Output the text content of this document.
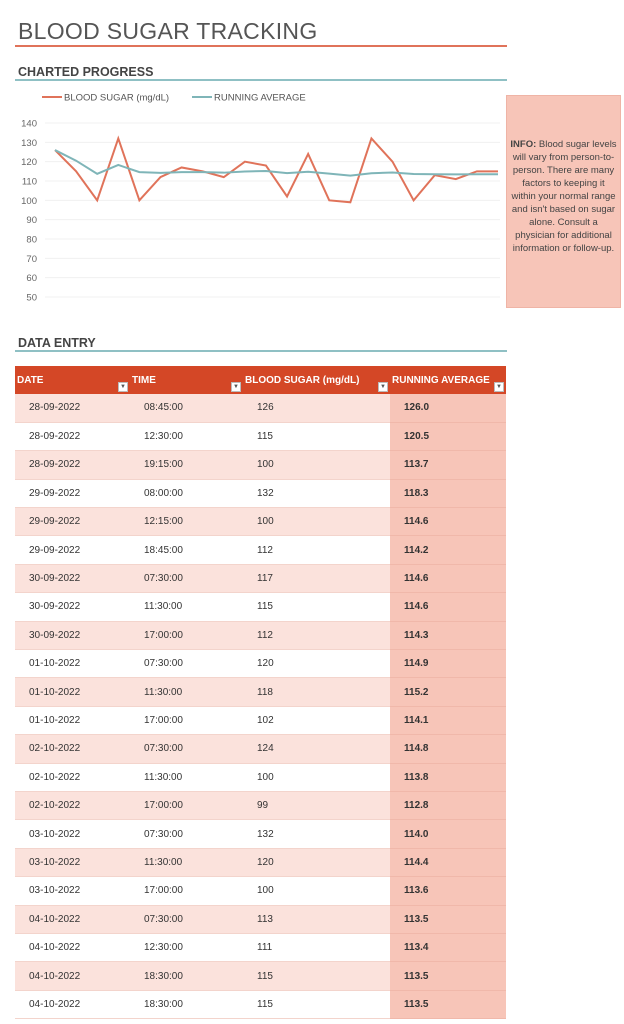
BLOOD SUGAR TRACKING
CHARTED PROGRESS
140
130
120
110
100
90
80
70
60
50
BLOOD SUGAR (mg/dL)	RUNNING AVERAGE
INFO: Blood sugar levels will vary from person-to-person. There are many factors to keeping it within your normal range and isn't based on sugar alone. Consult a physician for additional information or follow-up.
DATA ENTRY
DATE
▼	TIME
▼	BLOOD SUGAR (mg/dL)
▼	RUNNING AVERAGE
▼

28-09-2022	08:45:00	126	126.0
28-09-2022	12:30:00	115	120.5
28-09-2022	19:15:00	100	113.7
29-09-2022	08:00:00	132	118.3
29-09-2022	12:15:00	100	114.6
29-09-2022	18:45:00	112	114.2
30-09-2022	07:30:00	117	114.6
30-09-2022	11:30:00	115	114.6
30-09-2022	17:00:00	112	114.3
01-10-2022	07:30:00	120	114.9
01-10-2022	11:30:00	118	115.2
01-10-2022	17:00:00	102	114.1
02-10-2022	07:30:00	124	114.8
02-10-2022	11:30:00	100	113.8
02-10-2022	17:00:00	99	112.8
03-10-2022	07:30:00	132	114.0
03-10-2022	11:30:00	120	114.4
03-10-2022	17:00:00	100	113.6
04-10-2022	07:30:00	113	113.5
04-10-2022	12:30:00	111	113.4
04-10-2022	18:30:00	115	113.5
04-10-2022	18:30:00	115	113.5
